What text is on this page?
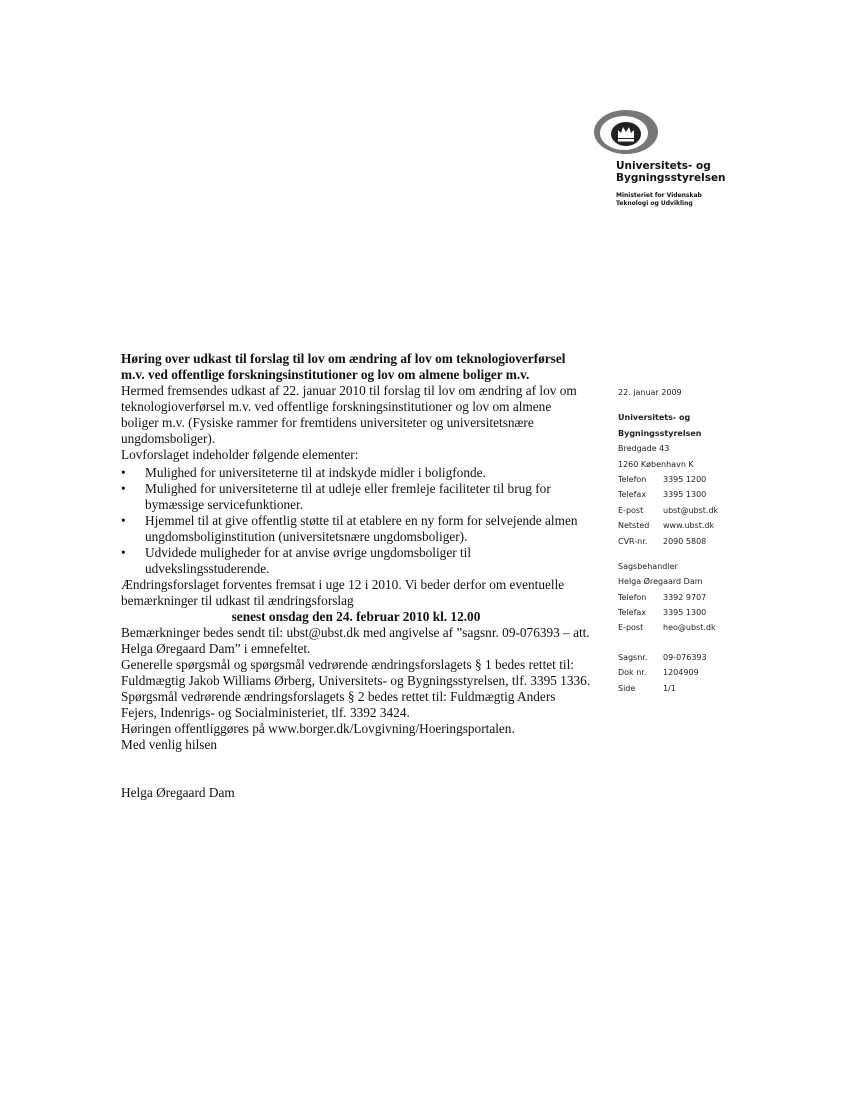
Universitets- og
Bygningsstyrelsen
Ministeriet for Videnskab
Teknologi og Udvikling

Høring over udkast til forslag til lov om ændring af lov om teknologioverførsel m.v. ved offentlige forskningsinstitutioner og lov om almene boliger m.v.

Hermed fremsendes udkast af 22. januar 2010 til forslag til lov om ændring af lov om teknologioverførsel m.v. ved offentlige forskningsinstitutioner og lov om almene boliger m.v. (Fysiske rammer for fremtidens universiteter og universitetsnære ungdomsboliger).

Lovforslaget indeholder følgende elementer:

• Mulighed for universiteterne til at indskyde midler i boligfonde.
• Mulighed for universiteterne til at udleje eller fremleje faciliteter til brug for bymæssige servicefunktioner.
• Hjemmel til at give offentlig støtte til at etablere en ny form for selvejende almen ungdomsboliginstitution (universitetsnære ungdomsboliger).
• Udvidede muligheder for at anvise øvrige ungdomsboliger til udvekslingsstuderende.

Ændringsforslaget forventes fremsat i uge 12 i 2010. Vi beder derfor om eventuelle bemærkninger til udkast til ændringsforslag

senest onsdag den 24. februar 2010 kl. 12.00

Bemærkninger bedes sendt til: ubst@ubst.dk med angivelse af ”sagsnr. 09-076393 – att. Helga Øregaard Dam” i emnefeltet.

Generelle spørgsmål og spørgsmål vedrørende ændringsforslagets § 1 bedes rettet til: Fuldmægtig Jakob Williams Ørberg, Universitets- og Bygningsstyrelsen, tlf. 3395 1336.

Spørgsmål vedrørende ændringsforslagets § 2 bedes rettet til: Fuldmægtig Anders Fejers, Indenrigs- og Socialministeriet, tlf. 3392 3424.

Høringen offentliggøres på www.borger.dk/Lovgivning/Hoeringsportalen.

Med venlig hilsen

Helga Øregaard Dam

22. januar 2009
Universitets- og
Bygningsstyrelsen
Bredgade 43
1260 København K
Telefon 3395 1200
Telefax 3395 1300
E-post ubst@ubst.dk
Netsted www.ubst.dk
CVR-nr. 2090 5808
Sagsbehandler
Helga Øregaard Dam
Telefon 3392 9707
Telefax 3395 1300
E-post heo@ubst.dk
Sagsnr. 09-076393
Dok nr. 1204909
Side	1/1
